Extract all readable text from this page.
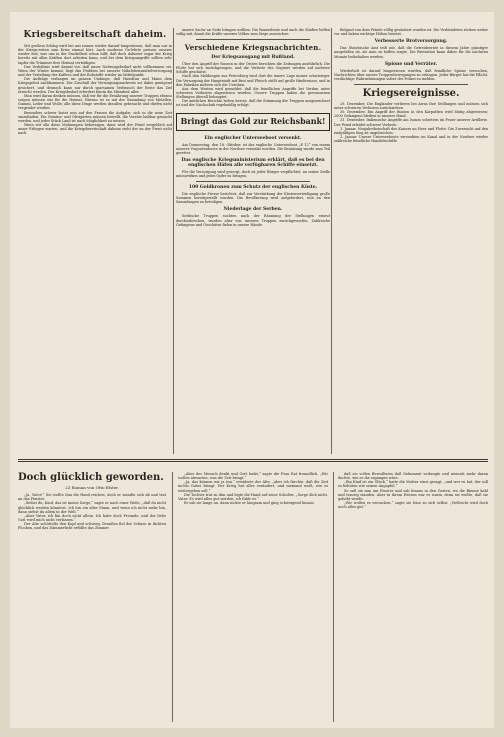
Kriegsbereitschaft daheim.

Mit großem Schlag wird bei uns immer wieder darauf hingewiesen, daß man nur in der Kriegs-zeiten zum Krise einmal hört. Auch moderne Ge-lehrte preisen unserer wieder fest, was uns in der Dunkelheit schon hilft; daß doch dahinter sogar der Krieg bereits mit allen Kräften dort arbeiten kann, und bei dem Kriegsangriffe sollten sehr tapfer die Trümmer ihre Heimat verteidigen.

Das Verhältnis wird darauf vor, daß unser Nahrungsbedarf nicht vollkommen sei. Wenn der Winter kommt, liegt das Problem bei unserer Nährlebensmittelversorgung und der Verteilung des Kaffees und der Rohstoffe wieder im Mittelpunkt.

Die Aufträge verlangen im ganzen Umfange, daß Hausfrau und Mann dem Kriegsgebot nachkommen. Der Zuschuß der Versorgungsnachweis sei dabei genügend gesichert, und dennoch kann nur durch sparsamen Verbrauch der Reste das Ziel erreicht werden. Der Kriegsbedarf erfordert hierin die Mitarbeit aller.

Man wird daran denken müssen, daß wir für die Ernährung unserer Truppen ebenso sorgen müssen wie für die Heimat. Ebenso ist es mit der Sammlung von Metallen, Gummi, Leder und Wolle; alle diese Dinge werden draußen gebraucht und dürfen nicht vergeudet werden.

Besonders schwer lastet nun auf den Frauen die Aufgabe, sich in die neue Zeit einzufinden. Die Gemüse- und Obstgärten müssen bestellt, die Vorräte haltbar gemacht werden, und jedes Stück Land ist nach Möglichkeit zu nutzen.

Wenn wir alle diese Mahnungen beherzigen, dann wird der Feind vergeblich auf unser Erliegen warten, und die Kriegsbereitschaft daheim steht der an der Front nicht nach.

unsere Sache an Seite bringen wollten. Die Bauersleute und auch die Städter helfen willig mit, damit die Kräfte unseres Volkes zum Siege ausreichen.

Verschiedene Kriegsnachrichten.
Der Kriegsausgang mit Rußland.

Über den Angriff der Russen in der Ostsee berichten die Zeitungen ausführlich. Die Flotte hat sich zurückgezogen, und die Verluste des Gegners werden auf mehrere Schiffe geschätzt.

Nach den Meldungen aus Petersburg wird dort die innere Lage immer schwieriger. Die Versorgung der Hauptstadt mit Brot und Fleisch stößt auf große Hindernisse, und in den Fabriken mehren sich die Unruhen.

Aus dem Westen wird gemeldet, daß die feindlichen Angriffe bei Verdun unter schweren Verlusten abgewiesen wurden. Unsere Truppen haben die gewonnenen Stellungen überall behauptet.

Die amtlichen Berichte heben hervor, daß die Stimmung der Truppen ausgezeichnet ist und der Nachschub regelmäßig erfolgt.

Bringt das Gold zur Reichsbank!
Ein englischer Unterseeboot versenkt.

Am Donnerstag, den 18. Oktober, ist das englische Unterseeboot „E 12“ von einem unserer Vorpostenboote in der Nordsee versenkt worden. Die Besatzung wurde zum Teil gerettet.

Das englische Kriegsministerium erklärt, daß es bei den englischen Häfen alle verfügbaren Schiffe einsetzt.

Für die Versorgung wird gesorgt, doch ist jeder Bürger verpflichtet, an seiner Stelle mitzuwirken und jedes Opfer zu bringen.

100 Goldkronen zum Schutz der englischen Küste.

Die englische Presse berichtet, daß zur Verstärkung der Küstenverteidigung große Summen bereitgestellt wurden. Die Bevölkerung wird aufgefordert, sich an den Sammlungen zu beteiligen.

Niederlage der Serben.

Serbische Truppen suchten nach der Räumung der Stellungen erneut durchzubrechen, wurden aber von unseren Truppen zurückgeworfen. Zahlreiche Gefangene und Geschütze fielen in unsere Hände.

Belgrad von dem Feinde völlig gesäubert worden ist. Die Verbündeten rücken weiter vor und haben wichtige Höhen besetzt.

Verbesserte Brotversorgung.

Das Statistische Amt teilt mit, daß die Getreideernte in diesem Jahre günstiger ausgefallen ist, als man zu hoffen wagte. Die Brotration kann daher für die nächsten Monate beibehalten werden.

Spione und Verräter.

Wiederholt ist darauf hingewiesen worden, daß feindliche Spione versuchen, Nachrichten über unsere Truppenbewegungen zu erlangen. Jeder Bürger hat die Pflicht, verdächtige Wahrnehmungen sofort der Polizei zu melden.

Kriegsereignisse.

29. Dezember. Die Engländer verlieren bei Arras ihre Stellungen und müssen sich unter schweren Verlusten zurückziehen.

30. Dezember. Ein Angriff der Russen in den Karpathen wird blutig abgewiesen; 2000 Gefangene bleiben in unserer Hand.

31. Dezember. Italienische Angriffe am Isonzo scheitern im Feuer unserer Artillerie. Der Feind erleidet schwere Verluste.

1. Januar. Neujahrsbotschaft des Kaisers an Heer und Flotte: Die Zuversicht auf den endgültigen Sieg ist ungebrochen.

2. Januar. Unsere Unterseeboote versenkten im Kanal und in der Nordsee wieder zahlreiche feindliche Handelsschiffe.

Doch glücklich geworden.
23 Roman von Otto Elster.

„Ja, Vater!“ Sie wollte ihm die Hand reichen, doch er wandte sich ab und trat an das Fenster.

„Siehst du, Kind, das ist meine Sorge,“ sagte er nach einer Weile, „daß du nicht glücklich werden könntest. Ich bin ein alter Mann, und wenn ich nicht mehr bin, dann stehst du allein in der Welt.“

„Aber Vater, ich bin doch nicht allein. Ich habe doch Freunde, und der liebe Gott wird mich nicht verlassen.“

Der Alte schüttelte den Kopf und schwieg. Draußen fiel der Schnee in dichten Flocken, und das Dämmerlicht erfüllte das Zimmer.

„Aber der Mensch denkt und Gott lenkt,“ sagte die Frau Rat freundlich. „Wir wollen abwarten, was die Zeit bringt.“

„Ja, das können wir ja tun,“ erwiderte der Alte, „aber ich fürchte, daß die Zeit nichts Gutes bringt. Der Krieg hat alles verändert, und niemand weiß, wie es weitergehen soll.“

Die Tochter trat zu ihm und legte die Hand auf seine Schulter. „Sorge dich nicht, Vater. Es wird alles gut werden, ich fühle es.“

Er sah sie lange an, dann nickte er langsam und ging schweigend hinaus.

daß sie vollen Bewußtsein daß Dokument verlangte und niemals mehr daran dachte, wie es ihr ergangen wäre.

„Ein Kind ist ein Glück,“ hatte die Mutter einst gesagt, „und wer es hat, der soll es behüten wie seinen Augapfel.“

So saß sie nun am Fenster und sah hinaus in den Garten, wo die Bäume kahl und traurig standen. Aber in ihrem Herzen war es warm, denn sie wußte, daß sie geliebt wurde.

„Wir wollen es versuchen,“ sagte sie leise zu sich selbst. „Vielleicht wird doch noch alles gut.“
